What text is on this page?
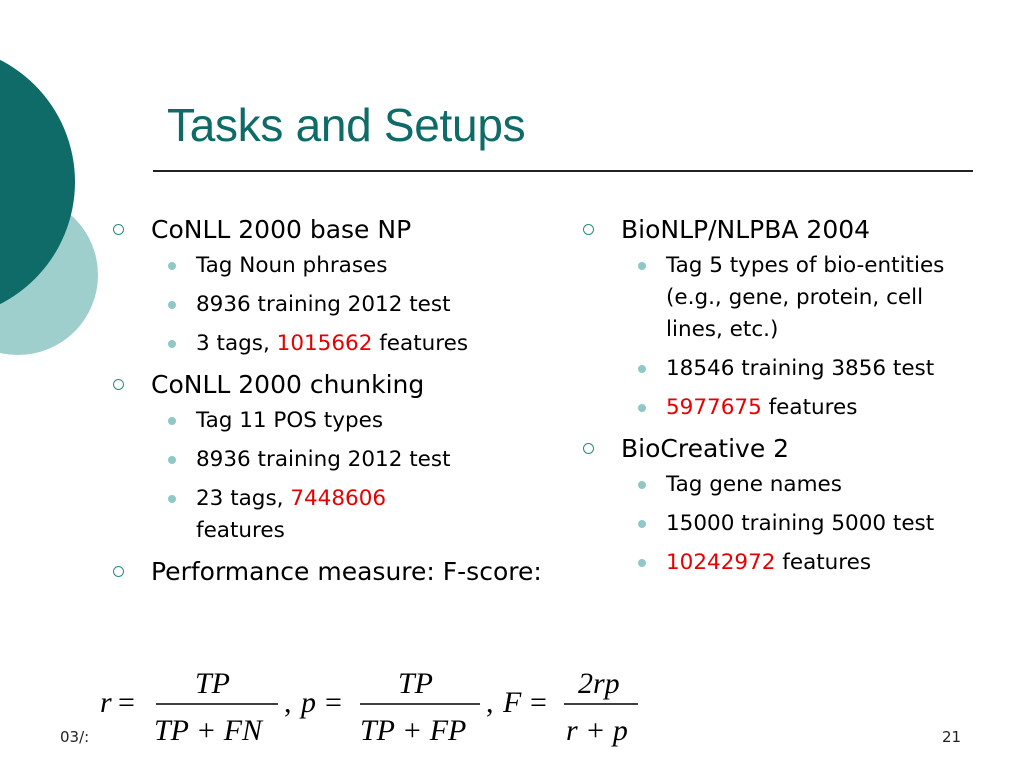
Tasks and Setups
CoNLL 2000 base NP
Tag Noun phrases
8936 training 2012 test
3 tags, 1015662 features
CoNLL 2000 chunking
Tag 11 POS types
8936 training 2012 test
23 tags, 7448606 features
Performance measure: F-score:
BioNLP/NLPBA 2004
Tag 5 types of bio-entities (e.g., gene, protein, cell lines, etc.)
18546 training 3856 test
5977675 features
BioCreative 2
Tag gene names
15000 training 5000 test
10242972 features
03/:	21
r =
TP
TP + FN
, p =
TP
TP + FP
, F =
2rp
r + p
